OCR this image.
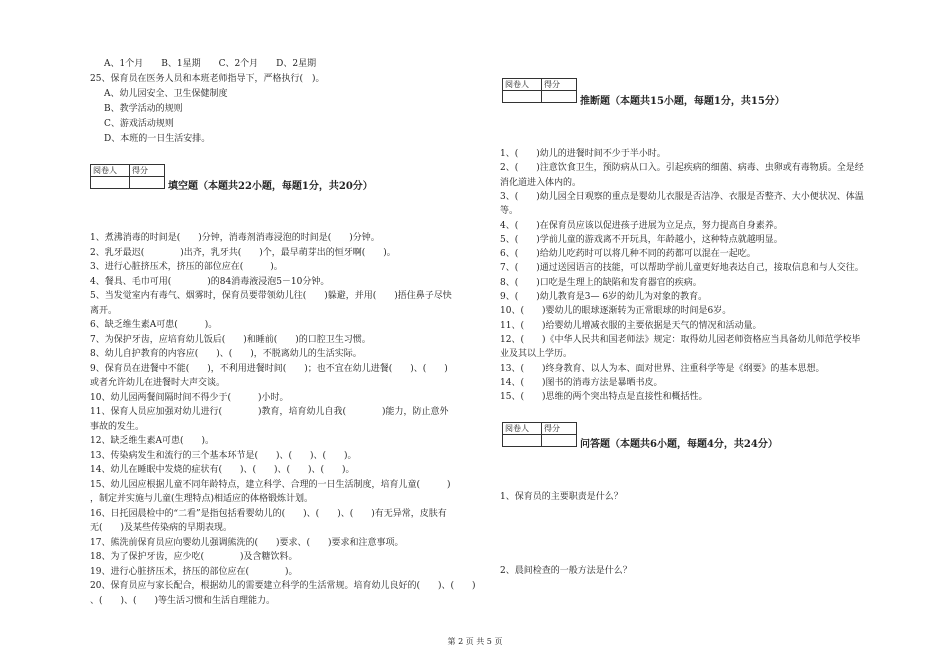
A、1个月　　B、1星期　　C、2个月　　D、2星期
25、保育员在医务人员和本班老师指导下，严格执行(　)。
A、幼儿园安全、卫生保健制度
B、教学活动的规则
C、游戏活动规则
D、本班的一日生活安排。
阅卷人	得分

填空题（本题共22小题，每题1分，共20分）
1、煮沸消毒的时间是(　　)分钟，消毒剂消毒浸泡的时间是(　　)分钟。
2、乳牙最迟(　　　　)出齐，乳牙共(　　)个，最早萌芽出的恒牙啊(　　)。
3、进行心脏挤压术，挤压的部位应在(　　　)。
4、餐具、毛巾可用(　　　　)的84消毒液浸泡5－10分钟。
5、当发觉室内有毒气、烟雾时，保育员要带领幼儿往(　　)躲避，并用(　　)捂住鼻子尽快
离开。
6、缺乏维生素A可患(　　　)。
7、为保护牙齿，应培育幼儿饭后(　　)和睡前(　　)的口腔卫生习惯。
8、幼儿自护教育的内容应(　　)、(　　)，不脱离幼儿的生活实际。
9、保育员在进餐中不能(　　)，不利用进餐时间(　　)；也不宜在幼儿进餐(　　)、(　　)
或者允许幼儿在进餐时大声交谈。
10、幼儿园两餐间隔时间不得少于(　　　)小时。
11、保育人员应加强对幼儿进行(　　　　)教育，培育幼儿自我(　　　　)能力，防止意外
事故的发生。
12、缺乏维生素A可患(　　)。
13、传染病发生和流行的三个基本环节是(　　)、(　　)、(　　)。
14、幼儿在睡眠中发烧的症状有(　　)、(　　)、(　　)、(　　)。
15、幼儿园应根据儿童不同年龄特点，建立科学、合理的一日生活制度，培育儿童(　　　)
，制定并实施与儿童(生理特点)相适应的体格锻炼计划。
16、日托园晨检中的“二看”是指包括看婴幼儿的(　　)、(　　)、(　　)有无异常，皮肤有
无(　　)及某些传染病的早期表现。
17、熊洗前保育员应向婴幼儿强调熊洗的(　　)要求、(　　)要求和注意事项。
18、为了保护牙齿，应少吃(　　　　)及含糖饮料。
19、进行心脏挤压术，挤压的部位应在(　　　　)。
20、保育员应与家长配合，根据幼儿的需要建立科学的生活常规。培育幼儿良好的(　　)、(　　)
、(　　)、(　　)等生活习惯和生活自理能力。
阅卷人	得分

推断题（本题共15小题，每题1分，共15分）
1、(　　)幼儿的进餐时间不少于半小时。
2、(　　)注意饮食卫生，预防病从口入。引起疾病的细菌、病毒、虫卵或有毒物质。全是经
消化道进入体内的。
3、(　　)幼儿园全日观察的重点是婴幼儿衣服是否洁净、衣服是否整齐、大小便状况、体温
等。
4、(　　)在保育员应该以促进孩子进展为立足点，努力提高自身素养。
5、(　　)学前儿童的游戏离不开玩具，年龄越小，这种特点就越明显。
6、(　　)给幼儿吃药时可以将几种不同的药都可以混在一起吃。
7、(　　)通过送园语言的技能，可以帮助学前儿童更好地表达自己，接取信息和与人交往。
8、(　　)口吃是生理上的缺陷和发育器官的疾病。
9、(　　)幼儿教育是3— 6岁的幼儿为对象的教育。
10、(　　)婴幼儿的眼球逐渐转为正常眼球的时间是6岁。
11、(　　)给婴幼儿增减衣服的主要依据是天气的情况和活动量。
12、(　　)《中华人民共和国老师法》规定：取得幼儿园老师资格应当具备幼儿师范学校毕
业及其以上学历。
13、(　　)终身教育、以人为本、面对世界、注重科学等是《纲要》的基本思想。
14、(　　)图书的消毒方法是暴晒书皮。
15、(　　)思维的两个突出特点是直接性和概括性。
阅卷人	得分

问答题（本题共6小题，每题4分，共24分）
1、保育员的主要职责是什么？
2、晨间检查的一般方法是什么？
第 2 页 共 5 页
